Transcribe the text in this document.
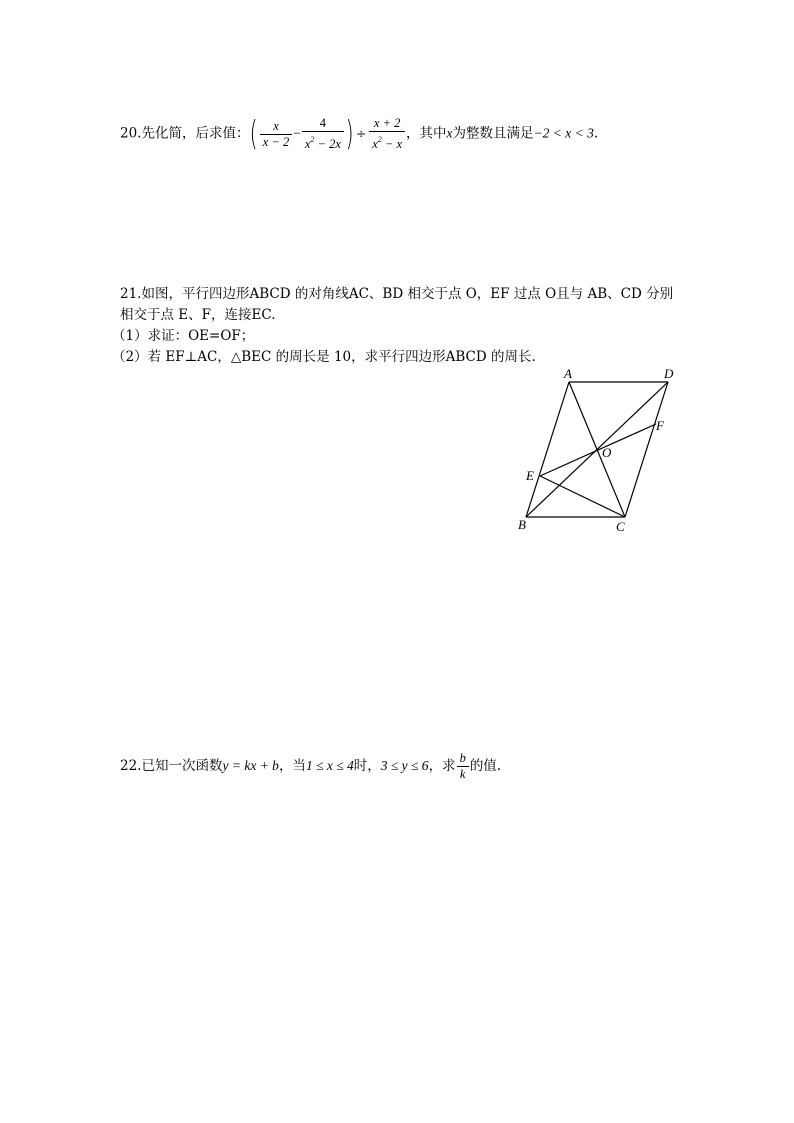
20.先化简，后求值：( $\frac{x}{x - 2} - \frac{4}{x^2 - 2x}$ ) ÷ $\frac{x + 2}{x^2 - x}$ ，其中x为整数且满足−2 < x < 3.
21.如图，平行四边形ABCD 的对角线AC、BD 相交于点 O，EF 过点 O且与 AB、CD 分别
相交于点 E、F，连接EC.
（1）求证：OE=OF；
（2）若 EF⊥AC，△BEC 的周长是 10，求平行四边形ABCD 的周长.
A	D
F
O
E
B	C
22.已知一次函数y = kx + b，当1 ≤ x ≤ 4时，3 ≤ y ≤ 6，求 $\frac{b}{k}$ 的值.
